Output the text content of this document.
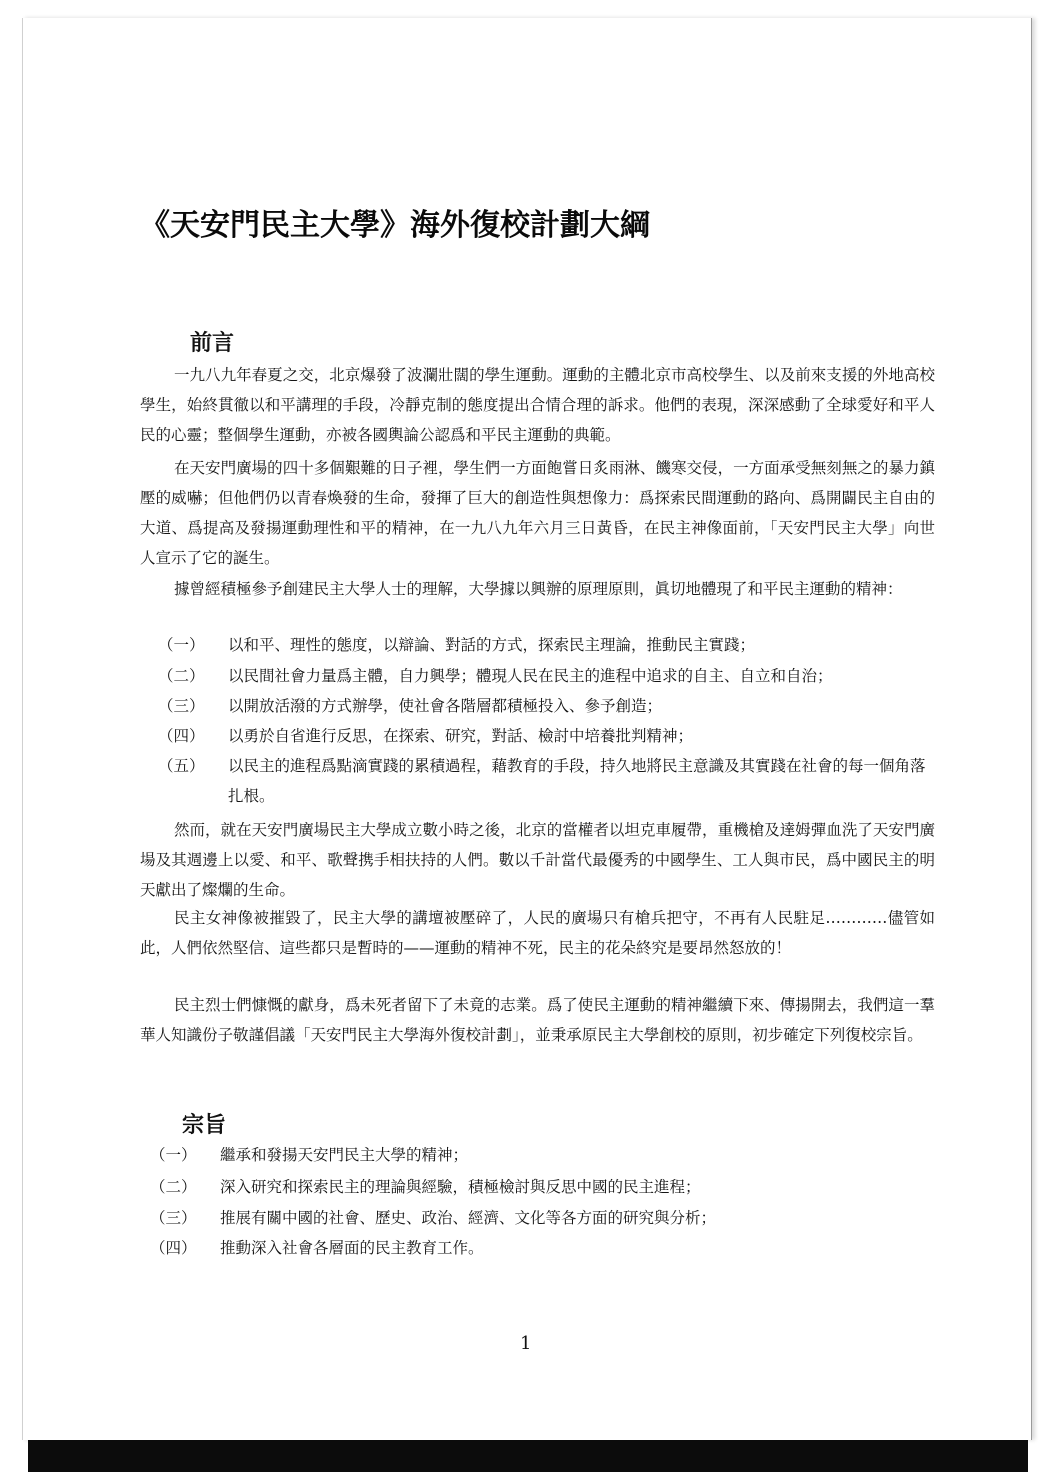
《天安門民主大學》海外復校計劃大綱
前言
一九八九年春夏之交，北京爆發了波瀾壯闊的學生運動。運動的主體北京市高校學生、以及前來支援的外地高校學生，始終貫徹以和平講理的手段，冷靜克制的態度提出合情合理的訴求。他們的表現，深深感動了全球愛好和平人民的心靈；整個學生運動，亦被各國輿論公認爲和平民主運動的典範。
在天安門廣場的四十多個艱難的日子裡，學生們一方面飽嘗日炙雨淋、饑寒交侵，一方面承受無刻無之的暴力鎮壓的威嚇；但他們仍以青春煥發的生命，發揮了巨大的創造性與想像力：爲探索民間運動的路向、爲開闢民主自由的大道、爲提高及發揚運動理性和平的精神，在一九八九年六月三日黃昏，在民主神像面前，「天安門民主大學」向世人宣示了它的誕生。
據曾經積極參予創建民主大學人士的理解，大學據以興辦的原理原則，眞切地體現了和平民主運動的精神：
（一） 以和平、理性的態度，以辯論、對話的方式，探索民主理論，推動民主實踐；
（二） 以民間社會力量爲主體，自力興學；體現人民在民主的進程中追求的自主、自立和自治；
（三） 以開放活潑的方式辦學，使社會各階層都積極投入、參予創造；
（四） 以勇於自省進行反思，在探索、研究，對話、檢討中培養批判精神；
（五） 以民主的進程爲點滴實踐的累積過程，藉教育的手段，持久地將民主意識及其實踐在社會的每一個角落扎根。
然而，就在天安門廣場民主大學成立數小時之後，北京的當權者以坦克車履帶，重機槍及達姆彈血洗了天安門廣場及其週邊上以愛、和平、歌聲携手相扶持的人們。數以千計當代最優秀的中國學生、工人與市民，爲中國民主的明天獻出了燦爛的生命。
民主女神像被摧毀了，民主大學的講壇被壓碎了，人民的廣場只有槍兵把守，不再有人民駐足…………儘管如此，人們依然堅信、這些都只是暫時的——運動的精神不死，民主的花朵終究是要昂然怒放的！
民主烈士們慷慨的獻身，爲未死者留下了未竟的志業。爲了使民主運動的精神繼續下來、傳揚開去，我們這一羣華人知識份子敬謹倡議「天安門民主大學海外復校計劃」，並秉承原民主大學創校的原則，初步確定下列復校宗旨。
宗旨
（一） 繼承和發揚天安門民主大學的精神；
（二） 深入研究和探索民主的理論與經驗，積極檢討與反思中國的民主進程；
（三） 推展有關中國的社會、歷史、政治、經濟、文化等各方面的研究與分析；
（四） 推動深入社會各層面的民主教育工作。
1
